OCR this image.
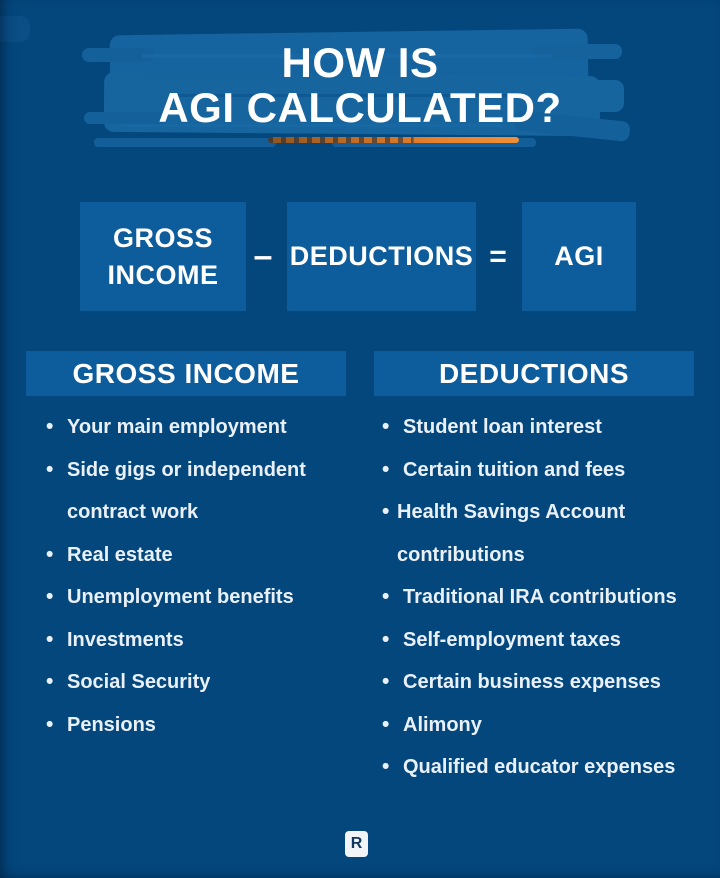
HOW IS
AGI CALCULATED?
GROSS INCOME	– DEDUCTIONS =	AGI
GROSS INCOME	DEDUCTIONS
• Your main employment
• Side gigs or independent contract work
• Real estate
• Unemployment benefits
• Investments
• Social Security
• Pensions
• Student loan interest
• Certain tuition and fees
• Health Savings Account contributions
• Traditional IRA contributions
• Self-employment taxes
• Certain business expenses
• Alimony
• Qualified educator expenses
R
